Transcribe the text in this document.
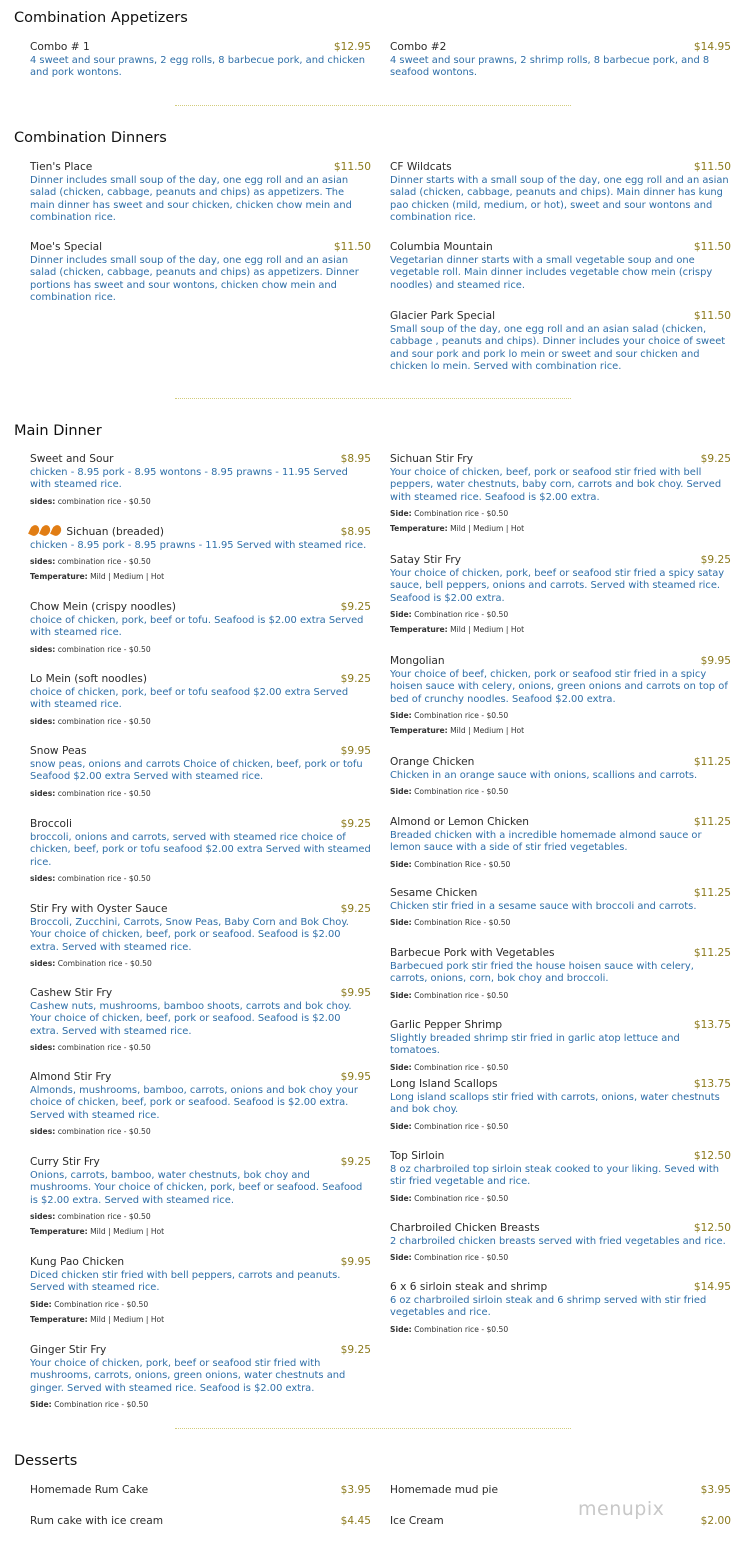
Combination Appetizers
Combination Dinners
Main Dinner
Desserts
Combo # 1	$12.95
4 sweet and sour prawns, 2 egg rolls, 8 barbecue pork, and chicken and pork wontons.
Combo #2	$14.95
4 sweet and sour prawns, 2 shrimp rolls, 8 barbecue pork, and 8 seafood wontons.
Tien's Place	$11.50
Dinner includes small soup of the day, one egg roll and an asian salad (chicken, cabbage, peanuts and chips) as appetizers. The main dinner has sweet and sour chicken, chicken chow mein and combination rice.
Moe's Special	$11.50
Dinner includes small soup of the day, one egg roll and an asian salad (chicken, cabbage, peanuts and chips) as appetizers. Dinner portions has sweet and sour wontons, chicken chow mein and combination rice.
CF Wildcats	$11.50
Dinner starts with a small soup of the day, one egg roll and an asian salad (chicken, cabbage, peanuts and chips). Main dinner has kung pao chicken (mild, medium, or hot), sweet and sour wontons and combination rice.
Columbia Mountain	$11.50
Vegetarian dinner starts with a small vegetable soup and one vegetable roll. Main dinner includes vegetable chow mein (crispy noodles) and steamed rice.
Glacier Park Special	$11.50
Small soup of the day, one egg roll and an asian salad (chicken, cabbage , peanuts and chips). Dinner includes your choice of sweet and sour pork and pork lo mein or sweet and sour chicken and chicken lo mein. Served with combination rice.
Sweet and Sour	$8.95
chicken - 8.95 pork - 8.95 wontons - 8.95 prawns - 11.95 Served with steamed rice.
sides: combination rice - $0.50
Sichuan (breaded)	$8.95
chicken - 8.95 pork - 8.95 prawns - 11.95 Served with steamed rice.
sides: combination rice - $0.50
Temperature: Mild | Medium | Hot
Chow Mein (crispy noodles)	$9.25
choice of chicken, pork, beef or tofu. Seafood is $2.00 extra Served with steamed rice.
sides: combination rice - $0.50
Lo Mein (soft noodles)	$9.25
choice of chicken, pork, beef or tofu seafood $2.00 extra Served with steamed rice.
sides: combination rice - $0.50
Snow Peas	$9.95
snow peas, onions and carrots Choice of chicken, beef, pork or tofu Seafood $2.00 extra Served with steamed rice.
sides: combination rice - $0.50
Broccoli	$9.25
broccoli, onions and carrots, served with steamed rice choice of chicken, beef, pork or tofu seafood $2.00 extra Served with steamed rice.
sides: combination rice - $0.50
Stir Fry with Oyster Sauce	$9.25
Broccoli, Zucchini, Carrots, Snow Peas, Baby Corn and Bok Choy. Your choice of chicken, beef, pork or seafood. Seafood is $2.00 extra. Served with steamed rice.
sides: Combination rice - $0.50
Cashew Stir Fry	$9.95
Cashew nuts, mushrooms, bamboo shoots, carrots and bok choy. Your choice of chicken, beef, pork or seafood. Seafood is $2.00 extra. Served with steamed rice.
sides: combination rice - $0.50
Almond Stir Fry	$9.95
Almonds, mushrooms, bamboo, carrots, onions and bok choy your choice of chicken, beef, pork or seafood. Seafood is $2.00 extra. Served with steamed rice.
sides: combination rice - $0.50
Curry Stir Fry	$9.25
Onions, carrots, bamboo, water chestnuts, bok choy and mushrooms. Your choice of chicken, pork, beef or seafood. Seafood is $2.00 extra. Served with steamed rice.
sides: combination rice - $0.50
Temperature: Mild | Medium | Hot
Kung Pao Chicken	$9.95
Diced chicken stir fried with bell peppers, carrots and peanuts. Served with steamed rice.
Side: Combination rice - $0.50
Temperature: Mild | Medium | Hot
Ginger Stir Fry	$9.25
Your choice of chicken, pork, beef or seafood stir fried with mushrooms, carrots, onions, green onions, water chestnuts and ginger. Served with steamed rice. Seafood is $2.00 extra.
Side: Combination rice - $0.50
Sichuan Stir Fry	$9.25
Your choice of chicken, beef, pork or seafood stir fried with bell peppers, water chestnuts, baby corn, carrots and bok choy. Served with steamed rice. Seafood is $2.00 extra.
Side: Combination rice - $0.50
Temperature: Mild | Medium | Hot
Satay Stir Fry	$9.25
Your choice of chicken, pork, beef or seafood stir fried a spicy satay sauce, bell peppers, onions and carrots. Served with steamed rice. Seafood is $2.00 extra.
Side: Combination rice - $0.50
Temperature: Mild | Medium | Hot
Mongolian	$9.95
Your choice of beef, chicken, pork or seafood stir fried in a spicy hoisen sauce with celery, onions, green onions and carrots on top of bed of crunchy noodles. Seafood $2.00 extra.
Side: Combination rice - $0.50
Temperature: Mild | Medium | Hot
Orange Chicken	$11.25
Chicken in an orange sauce with onions, scallions and carrots.
Side: Combination rice - $0.50
Almond or Lemon Chicken	$11.25
Breaded chicken with a incredible homemade almond sauce or lemon sauce with a side of stir fried vegetables.
Side: Combination Rice - $0.50
Sesame Chicken	$11.25
Chicken stir fried in a sesame sauce with broccoli and carrots.
Side: Combination Rice - $0.50
Barbecue Pork with Vegetables	$11.25
Barbecued pork stir fried the house hoisen sauce with celery, carrots, onions, corn, bok choy and broccoli.
Side: Combination rice - $0.50
Garlic Pepper Shrimp	$13.75
Slightly breaded shrimp stir fried in garlic atop lettuce and tomatoes.
Side: Combination rice - $0.50
Long Island Scallops	$13.75
Long island scallops stir fried with carrots, onions, water chestnuts and bok choy.
Side: Combination rice - $0.50
Top Sirloin	$12.50
8 oz charbroiled top sirloin steak cooked to your liking. Seved with stir fried vegetable and rice.
Side: Combination rice - $0.50
Charbroiled Chicken Breasts	$12.50
2 charbroiled chicken breasts served with fried vegetables and rice.
Side: Combination rice - $0.50
6 x 6 sirloin steak and shrimp	$14.95
6 oz charbroiled sirloin steak and 6 shrimp served with stir fried vegetables and rice.
Side: Combination rice - $0.50
Homemade Rum Cake	$3.95
Rum cake with ice cream	$4.45
Homemade mud pie	$3.95
Ice Cream	$2.00
menupix
